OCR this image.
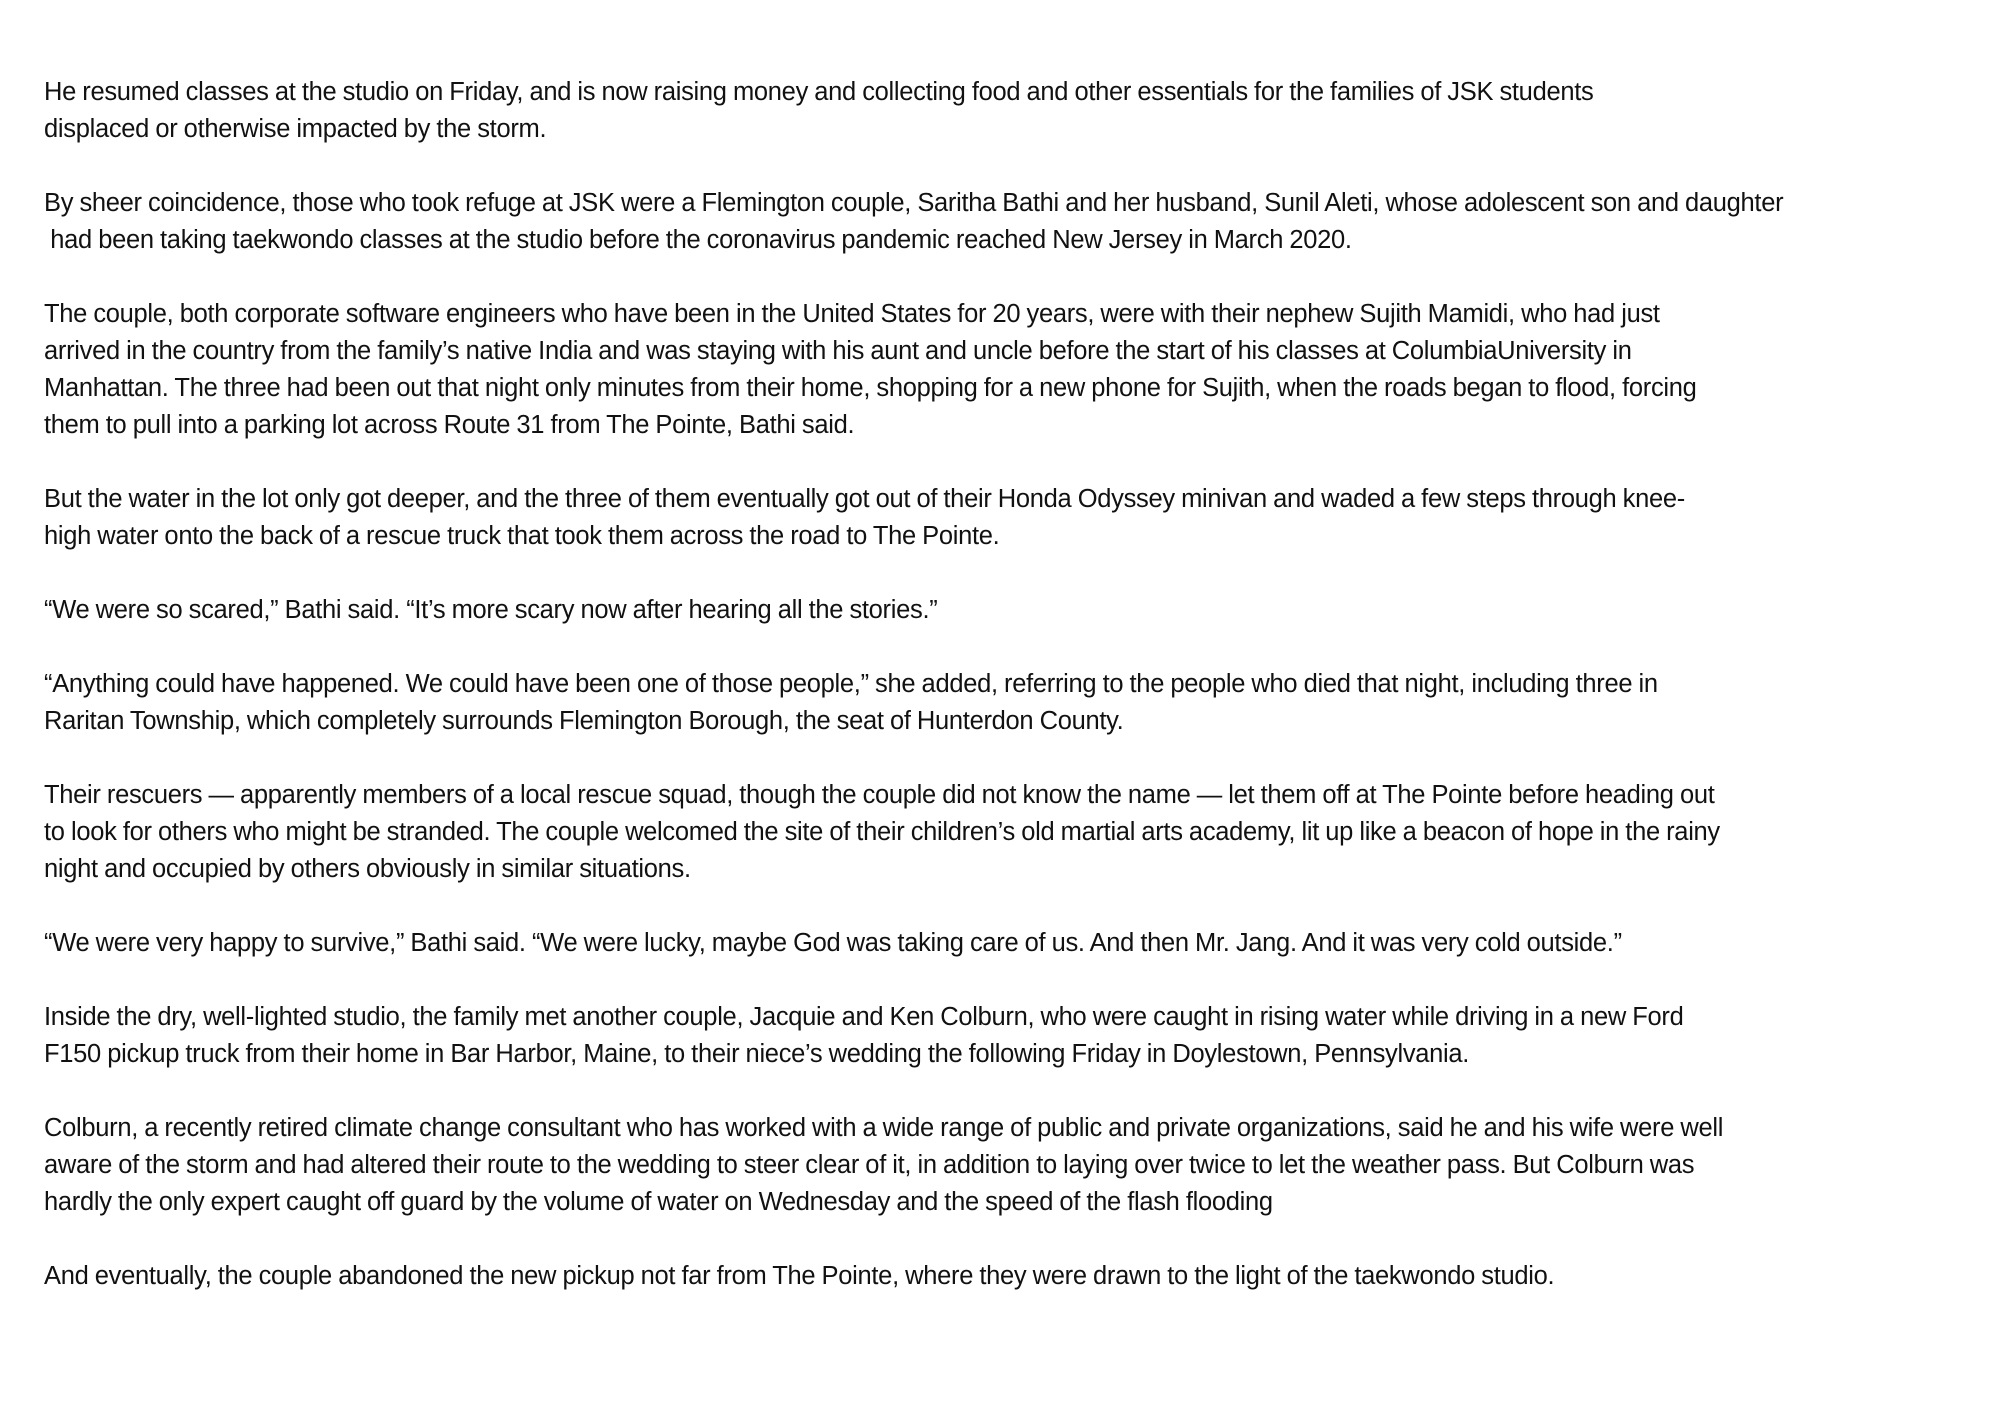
He resumed classes at the studio on Friday, and is now raising money and collecting food and other essentials for the families of JSK students
displaced or otherwise impacted by the storm.

By sheer coincidence, those who took refuge at JSK were a Flemington couple, Saritha Bathi and her husband, Sunil Aleti, whose adolescent son and daughter
had been taking taekwondo classes at the studio before the coronavirus pandemic reached New Jersey in March 2020.

The couple, both corporate software engineers who have been in the United States for 20 years, were with their nephew Sujith Mamidi, who had just
arrived in the country from the family’s native India and was staying with his aunt and uncle before the start of his classes at ColumbiaUniversity in
Manhattan. The three had been out that night only minutes from their home, shopping for a new phone for Sujith, when the roads began to flood, forcing
them to pull into a parking lot across Route 31 from The Pointe, Bathi said.

But the water in the lot only got deeper, and the three of them eventually got out of their Honda Odyssey minivan and waded a few steps through knee-
high water onto the back of a rescue truck that took them across the road to The Pointe.

“We were so scared,” Bathi said. “It’s more scary now after hearing all the stories.”

“Anything could have happened. We could have been one of those people,” she added, referring to the people who died that night, including three in
Raritan Township, which completely surrounds Flemington Borough, the seat of Hunterdon County.

Their rescuers — apparently members of a local rescue squad, though the couple did not know the name — let them off at The Pointe before heading out
to look for others who might be stranded. The couple welcomed the site of their children’s old martial arts academy, lit up like a beacon of hope in the rainy
night and occupied by others obviously in similar situations.

“We were very happy to survive,” Bathi said. “We were lucky, maybe God was taking care of us. And then Mr. Jang. And it was very cold outside.”

Inside the dry, well-lighted studio, the family met another couple, Jacquie and Ken Colburn, who were caught in rising water while driving in a new Ford
F150 pickup truck from their home in Bar Harbor, Maine, to their niece’s wedding the following Friday in Doylestown, Pennsylvania.

Colburn, a recently retired climate change consultant who has worked with a wide range of public and private organizations, said he and his wife were well
aware of the storm and had altered their route to the wedding to steer clear of it, in addition to laying over twice to let the weather pass. But Colburn was
hardly the only expert caught off guard by the volume of water on Wednesday and the speed of the flash flooding

And eventually, the couple abandoned the new pickup not far from The Pointe, where they were drawn to the light of the taekwondo studio.
